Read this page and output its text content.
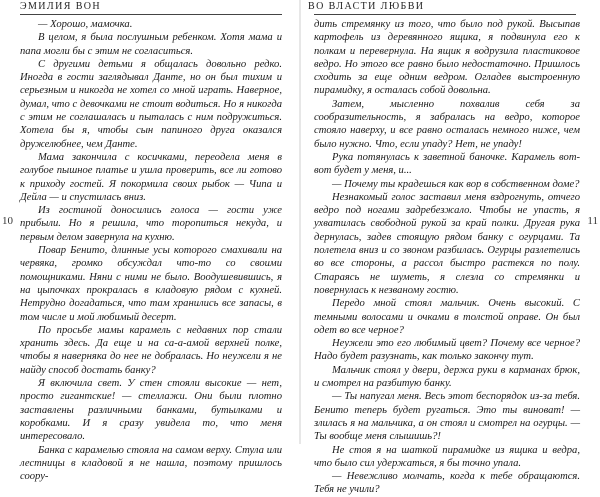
ЭМИЛИЯ ВОН

— Хорошо, мамочка.

В целом, я была послушным ребенком. Хотя мама и папа могли бы с этим не согласиться.

С другими детьми я общалась довольно редко. Иногда в гости заглядывал Данте, но он был тихим и серьезным и никогда не хотел со мной играть. Наверное, думал, что с девочками не стоит водиться. Но я никогда с этим не соглашалась и пыталась с ним подружиться. Хотела бы я, чтобы сын папиного друга оказался дружелюбнее, чем Данте.

Мама закончила с косичками, переодела меня в голубое пышное платье и ушла проверить, все ли готово к приходу гостей. Я покормила своих рыбок — Чипа и Дейла — и спустилась вниз.

Из гостиной доносились голоса — гости уже прибыли. Но я решила, что торопиться некуда, и первым делом завернула на кухню.

Повар Бенито, длинные усы которого смахивали на червяка, громко обсуждал что-то со своими помощниками. Няни с ними не было. Воодушевившись, я на цыпочках прокралась в кладовую рядом с кухней. Нетрудно догадаться, что там хранились все запасы, в том числе и мой любимый десерт.

По просьбе мамы карамель с недавних пор стали хранить здесь. Да еще и на са-а-амой верхней полке, чтобы я наверняка до нее не добралась. Но неужели я не найду способ достать банку?

Я включила свет. У стен стояли высокие — нет, просто гигантские! — стеллажи. Они были плотно заставлены различными банками, бутылками и коробками. И я сразу увидела то, что меня интересовало.

Банка с карамелью стояла на самом верху. Стула или лестницы в кладовой я не нашла, поэтому пришлось соору-

10
ВО ВЛАСТИ ЛЮБВИ

дить стремянку из того, что было под рукой. Высыпав картофель из деревянного ящика, я подвинула его к полкам и перевернула. На ящик я водрузила пластиковое ведро. Но этого все равно было недостаточно. Пришлось сходить за еще одним ведром. Огладев выстроенную пирамидку, я осталась собой довольна.

Затем, мысленно похвалив себя за сообразительность, я забралась на ведро, которое стояло наверху, и все равно осталась немного ниже, чем было нужно. Что, если упаду? Нет, не упаду!

Рука потянулась к заветной баночке. Карамель вот-вот будет у меня, и...

— Почему ты крадешься как вор в собственном доме?

Незнакомый голос заставил меня вздрогнуть, отчего ведро под ногами задребезжало. Чтобы не упасть, я ухватилась свободной рукой за край полки. Другая рука дернулась, задев стоящую рядом банку с огурцами. Та полетела вниз и со звоном разбилась. Огурцы разлетелись во все стороны, а рассол быстро растекся по полу. Стараясь не шуметь, я слезла со стремянки и повернулась к незваному гостю.

Передо мной стоял мальчик. Очень высокий. С темными волосами и очками в толстой оправе. Он был одет во все черное?

Неужели это его любимый цвет? Почему все черное? Надо будет разузнать, как только закончу тут.

Мальчик стоял у двери, держа руки в карманах брюк, и смотрел на разбитую банку.

— Ты напугал меня. Весь этот беспорядок из-за тебя. Бенито теперь будет ругаться. Это ты виноват! — злилась я на мальчика, а он стоял и смотрел на огурцы. — Ты вообще меня слышишь?!

Не стоя я на шаткой пирамидке из ящика и ведра, что было сил удержаться, я бы точно упала.

— Невежливо молчать, когда к тебе обращаются. Тебя не учили?

11
